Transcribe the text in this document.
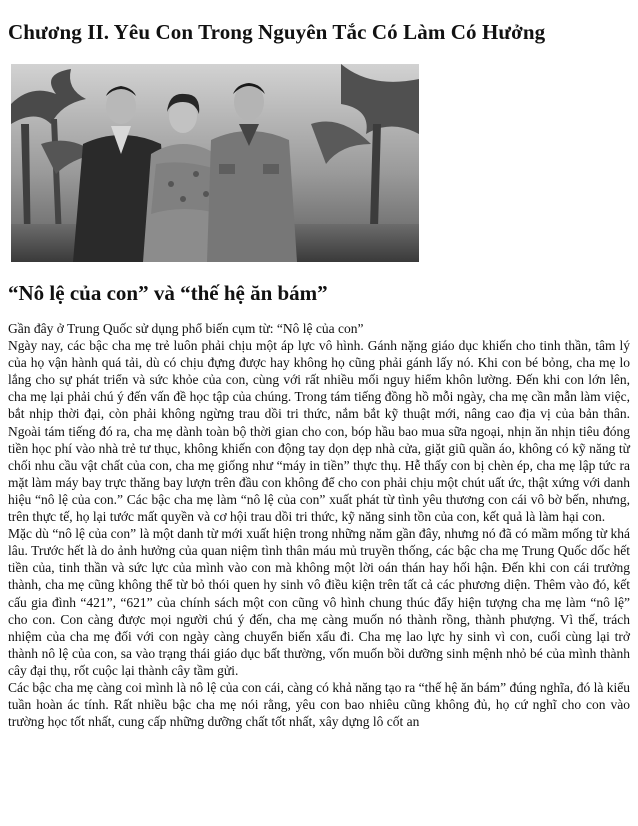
Chương II. Yêu Con Trong Nguyên Tắc Có Làm Có Hưởng
“Nô lệ của con” và “thế hệ ăn bám”

Gần đây ở Trung Quốc sử dụng phổ biến cụm từ: “Nô lệ của con”

Ngày nay, các bậc cha mẹ trẻ luôn phải chịu một áp lực vô hình. Gánh nặng giáo dục khiến cho tinh thần, tâm lý của họ vận hành quá tải, dù có chịu đựng được hay không họ cũng phải gánh lấy nó. Khi con bé bỏng, cha mẹ lo lắng cho sự phát triển và sức khỏe của con, cùng với rất nhiều mối nguy hiểm khôn lường. Đến khi con lớn lên, cha mẹ lại phải chú ý đến vấn đề học tập của chúng. Trong tám tiếng đồng hồ mỗi ngày, cha mẹ cần mẫn làm việc, bắt nhịp thời đại, còn phải không ngừng trau dồi tri thức, nắm bắt kỹ thuật mới, nâng cao địa vị của bản thân. Ngoài tám tiếng đó ra, cha mẹ dành toàn bộ thời gian cho con, bóp hầu bao mua sữa ngoại, nhịn ăn nhịn tiêu đóng tiền học phí vào nhà trẻ tư thục, không khiến con động tay dọn dẹp nhà cửa, giặt giũ quần áo, không có kỹ năng từ chối nhu cầu vật chất của con, cha mẹ giống như “máy in tiền” thực thụ. Hễ thấy con bị chèn ép, cha mẹ lập tức ra mặt làm máy bay trực thăng bay lượn trên đầu con không để cho con phải chịu một chút uất ức, thật xứng với danh hiệu “nô lệ của con.” Các bậc cha mẹ làm “nô lệ của con” xuất phát từ tình yêu thương con cái vô bờ bến, nhưng, trên thực tế, họ lại tước mất quyền và cơ hội trau dồi tri thức, kỹ năng sinh tồn của con, kết quả là làm hại con.

Mặc dù “nô lệ của con” là một danh từ mới xuất hiện trong những năm gần đây, nhưng nó đã có mầm mống từ khá lâu. Trước hết là do ảnh hưởng của quan niệm tình thân máu mủ truyền thống, các bậc cha mẹ Trung Quốc dốc hết tiền của, tinh thần và sức lực của mình vào con mà không một lời oán thán hay hối hận. Đến khi con cái trưởng thành, cha mẹ cũng không thể từ bỏ thói quen hy sinh vô điều kiện trên tất cả các phương diện. Thêm vào đó, kết cấu gia đình “421”, “621” của chính sách một con cũng vô hình chung thúc đẩy hiện tượng cha mẹ làm “nô lệ” cho con. Con càng được mọi người chú ý đến, cha mẹ càng muốn nó thành rồng, thành phượng. Vì thế, trách nhiệm của cha mẹ đối với con ngày càng chuyển biến xấu đi. Cha mẹ lao lực hy sinh vì con, cuối cùng lại trở thành nô lệ của con, sa vào trạng thái giáo dục bất thường, vốn muốn bồi dưỡng sinh mệnh nhỏ bé của mình thành cây đại thụ, rốt cuộc lại thành cây tầm gửi.

Các bậc cha mẹ càng coi mình là nô lệ của con cái, càng có khả năng tạo ra “thế hệ ăn bám” đúng nghĩa, đó là kiểu tuần hoàn ác tính. Rất nhiều bậc cha mẹ nói rằng, yêu con bao nhiêu cũng không đủ, họ cứ nghĩ cho con vào trường học tốt nhất, cung cấp những dưỡng chất tốt nhất, xây dựng lô cốt an
